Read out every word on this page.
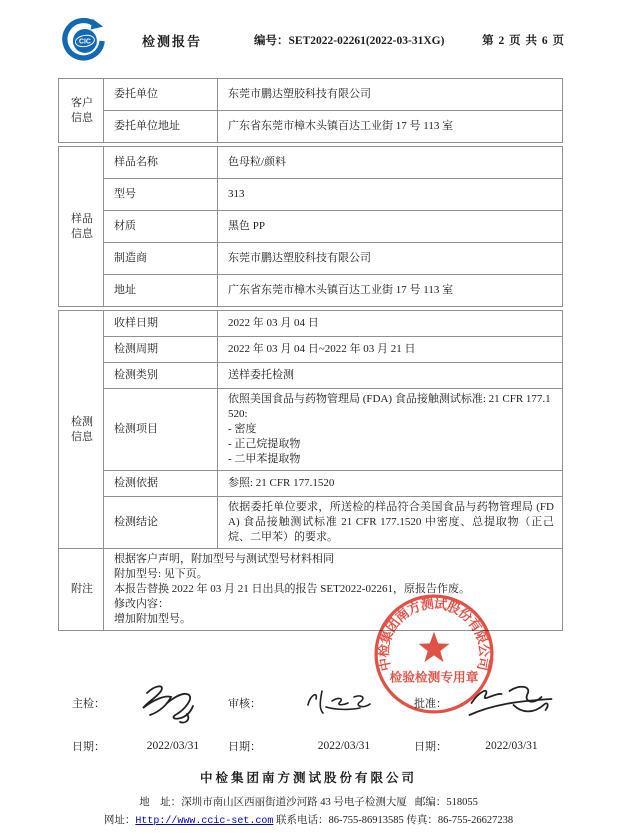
CIC	检测报告	编号：SET2022-02261(2022-03-31XG)	第 2 页 共 6 页
客户信息	委托单位	东莞市鹏达塑胶科技有限公司
	委托单位地址	广东省东莞市樟木头镇百达工业街 17 号 113 室
样品信息	样品名称	色母粒/颜料
	型号	313
	材质	黑色 PP
	制造商	东莞市鹏达塑胶科技有限公司
	地址	广东省东莞市樟木头镇百达工业街 17 号 113 室
检测信息	收样日期	2022 年 03 月 04 日
	检测周期	2022 年 03 月 04 日~2022 年 03 月 21 日
	检测类别	送样委托检测
	检测项目	依照美国食品与药物管理局 (FDA) 食品接触测试标准: 21 CFR 177.1520:
- 密度
- 正己烷提取物
- 二甲苯提取物
	检测依据	参照: 21 CFR 177.1520
	检测结论	依据委托单位要求，所送检的样品符合美国食品与药物管理局 (FDA) 食品接触测试标准 21 CFR 177.1520 中密度、总提取物（正己烷、二甲苯）的要求。
附注	根据客户声明，附加型号与测试型号材料相同
附加型号: 见下页。
本报告替换 2022 年 03 月 21 日出具的报告 SET2022-02261，原报告作废。
修改内容：
增加附加型号。
中检集团南方测试股份有限公司
检验检测专用章
主检：	审核：	批准：
日期：	2022/03/31	日期：	2022/03/31	日期：	2022/03/31
中检集团南方测试股份有限公司
地　址：深圳市南山区西丽街道沙河路 43 号电子检测大厦 邮编：518055
网址：Http://www.ccic-set.com 联系电话：86-755-86913585 传真：86-755-26627238
